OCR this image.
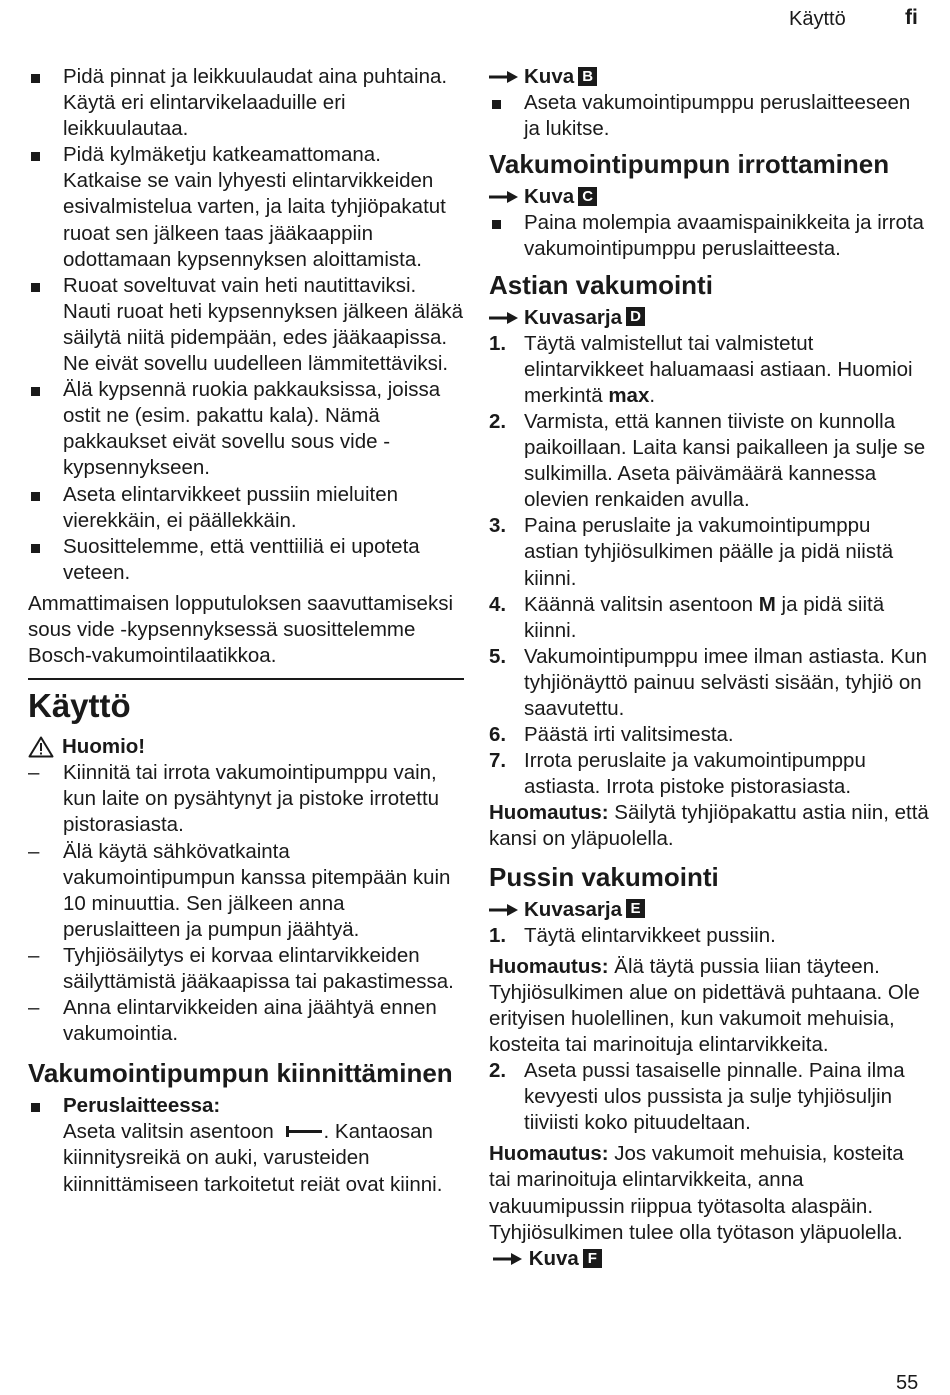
Käyttö	fi
Pidä pinnat ja leikkuulaudat aina puhtaina. Käytä eri elintarvikelaaduille eri leikkuulautaa.
Pidä kylmäketju katkeamattomana. Katkaise se vain lyhyesti elintarvikkeiden esivalmistelua varten, ja laita tyhjiöpakatut ruoat sen jälkeen taas jääkaappiin odottamaan kypsennyksen aloittamista.
Ruoat soveltuvat vain heti nautittaviksi. Nauti ruoat heti kypsennyksen jälkeen äläkä säilytä niitä pidempään, edes jääkaapissa. Ne eivät sovellu uudelleen lämmitettäviksi.
Älä kypsennä ruokia pakkauksissa, joissa ostit ne (esim. pakattu kala). Nämä pakkaukset eivät sovellu sous vide -kypsennykseen.
Aseta elintarvikkeet pussiin mieluiten vierekkäin, ei päällekkäin.
Suosittelemme, että venttiiliä ei upoteta veteen.
Ammattimaisen lopputuloksen saavuttamiseksi sous vide -kypsennyksessä suosittelemme Bosch-vakumointilaatikkoa.
Käyttö
Huomio!
–	Kiinnitä tai irrota vakumointipumppu vain, kun laite on pysähtynyt ja pistoke irrotettu pistorasiasta.
–	Älä käytä sähkövatkainta vakumointipumpun kanssa pitempään kuin 10 minuuttia. Sen jälkeen anna peruslaitteen ja pumpun jäähtyä.
–	Tyhjiösäilytys ei korvaa elintarvikkeiden säilyttämistä jääkaapissa tai pakastimessa.
–	Anna elintarvikkeiden aina jäähtyä ennen vakumointia.
Vakumointipumpun kiinnittäminen
Peruslaitteessa:
Aseta valitsin asentoon . Kantaosan kiinnitysreikä on auki, varusteiden kiinnittämiseen tarkoitetut reiät ovat kiinni.
Kuva B
Aseta vakumointipumppu peruslaitteeseen ja lukitse.
Vakumointipumpun irrottaminen
Kuva C
Paina molempia avaamispainikkeita ja irrota vakumointipumppu peruslaitteesta.
Astian vakumointi
Kuvasarja D
1. Täytä valmistellut tai valmistetut elintarvikkeet haluamaasi astiaan. Huomioi merkintä max.
2. Varmista, että kannen tiiviste on kunnolla paikoillaan. Laita kansi paikalleen ja sulje se sulkimilla. Aseta päivämäärä kannessa olevien renkaiden avulla.
3. Paina peruslaite ja vakumointipumppu astian tyhjiösulkimen päälle ja pidä niistä kiinni.
4. Käännä valitsin asentoon M ja pidä siitä kiinni.
5. Vakumointipumppu imee ilman astiasta. Kun tyhjiönäyttö painuu selvästi sisään, tyhjiö on saavutettu.
6. Päästä irti valitsimesta.
7. Irrota peruslaite ja vakumointipumppu astiasta. Irrota pistoke pistorasiasta.
Huomautus: Säilytä tyhjiöpakattu astia niin, että kansi on yläpuolella.
Pussin vakumointi
Kuvasarja E
1. Täytä elintarvikkeet pussiin.
Huomautus: Älä täytä pussia liian täyteen. Tyhjiösulkimen alue on pidettävä puhtaana. Ole erityisen huolellinen, kun vakumoit mehuisia, kosteita tai marinoituja elintarvikkeita.
2. Aseta pussi tasaiselle pinnalle. Paina ilma kevyesti ulos pussista ja sulje tyhjiösuljin tiiviisti koko pituudeltaan.
Huomautus: Jos vakumoit mehuisia, kosteita tai marinoituja elintarvikkeita, anna vakuumipussin riippua työtasolta alaspäin. Tyhjiösulkimen tulee olla työtason yläpuolella.  Kuva F
55
